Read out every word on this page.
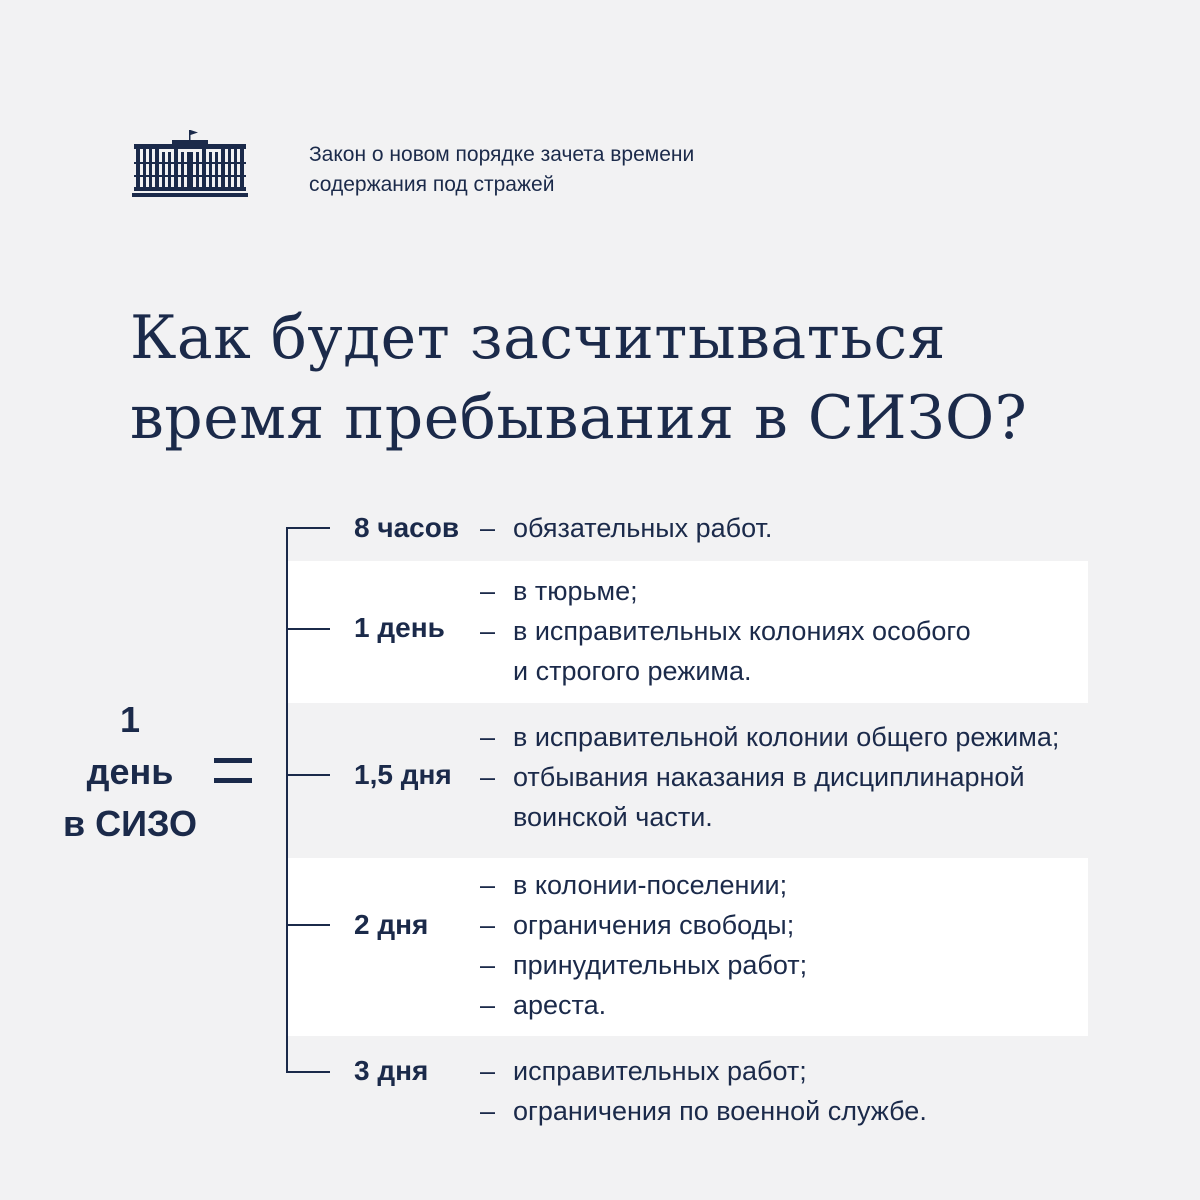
Закон о новом порядке зачета времени
содержания под стражей
Как будет засчитываться
время пребывания в СИЗО?
1
день
в СИЗО
8 часов – обязательных работ.
1 день
– в тюрьме;
– в исправительных колониях особого
и строгого режима.
1,5 дня
– в исправительной колонии общего режима;
– отбывания наказания в дисциплинарной
воинской части.
2 дня
– в колонии-поселении;
– ограничения свободы;
– принудительных работ;
– ареста.
3 дня – исправительных работ;
– ограничения по военной службе.
